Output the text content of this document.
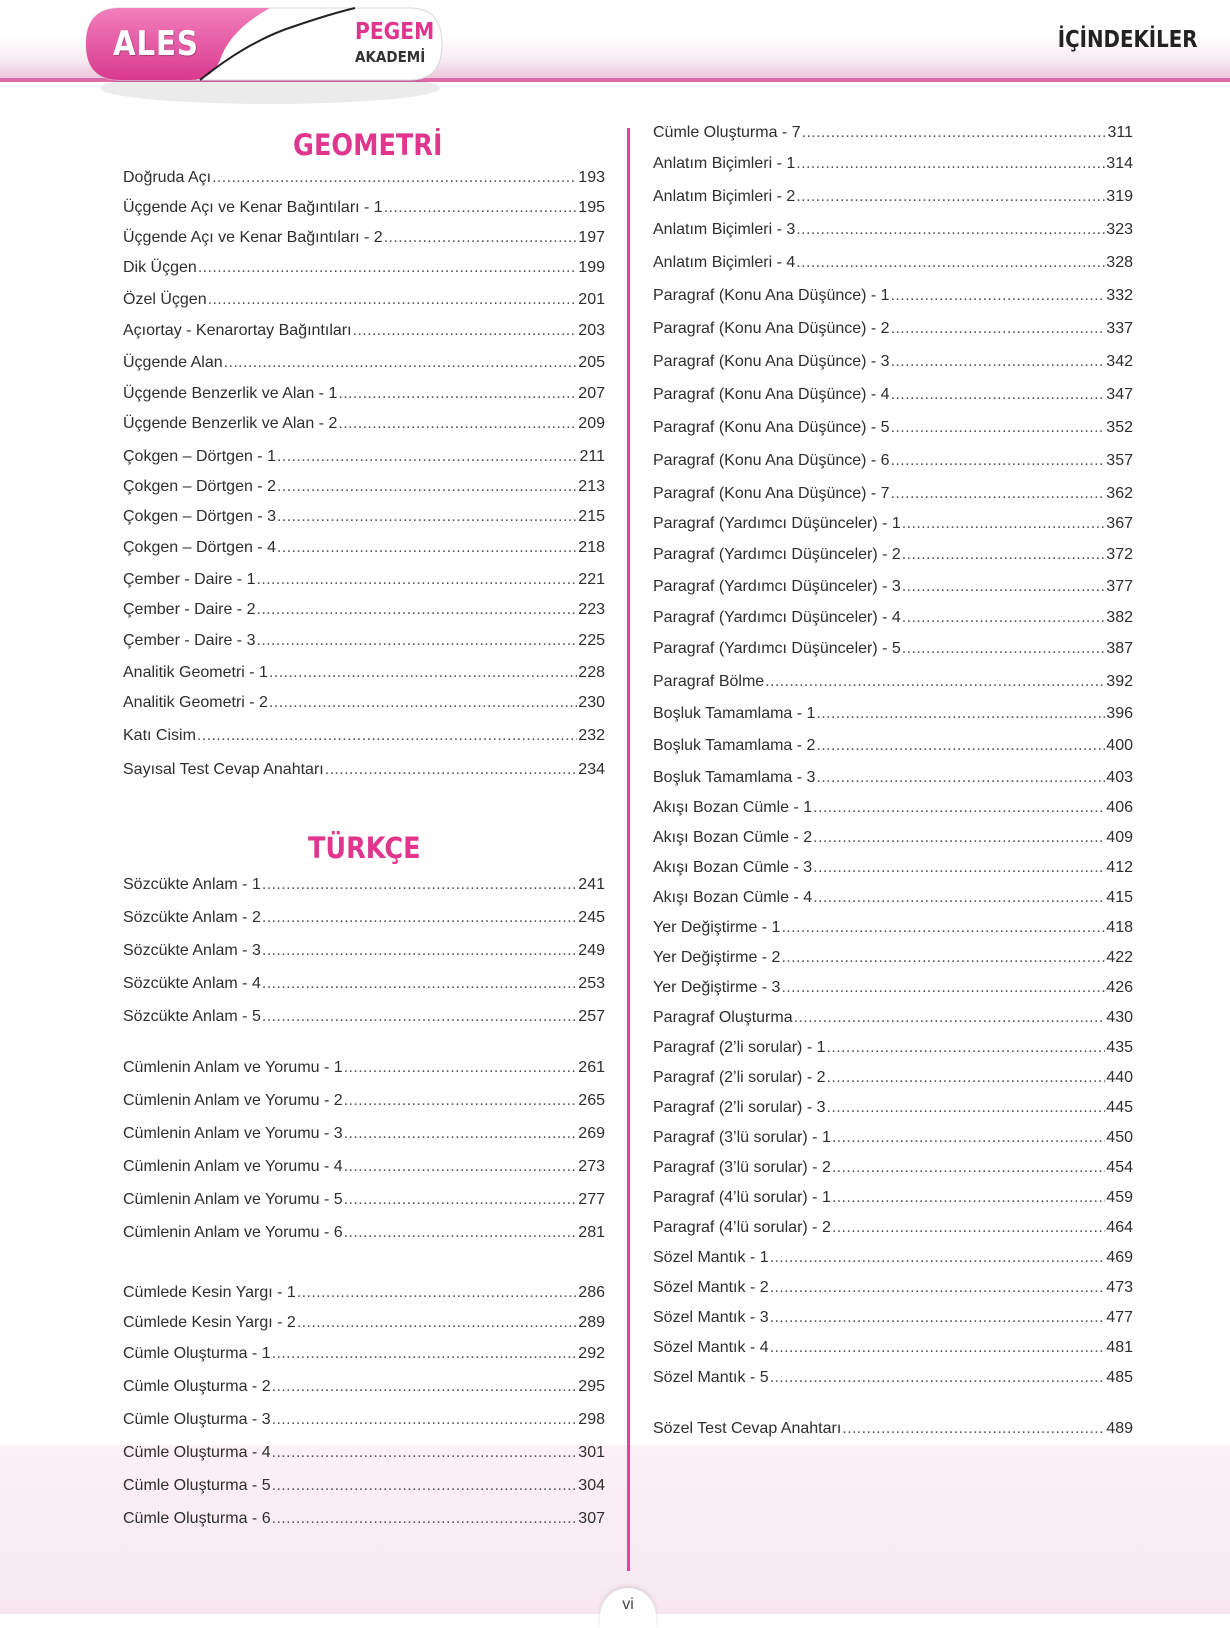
ALES	PEGEM
AKADEMİ
İÇİNDEKİLER
GEOMETRİ
TÜRKÇE
Doğruda Açı .....	193
Üçgende Açı ve Kenar Bağıntıları - 1 .....	195
Üçgende Açı ve Kenar Bağıntıları - 2 .....	197
Dik Üçgen .....	199
Özel Üçgen .....	201
Açıortay - Kenarortay Bağıntıları .....	203
Üçgende Alan .....	205
Üçgende Benzerlik ve Alan - 1 .....	207
Üçgende Benzerlik ve Alan - 2 .....	209
Çokgen – Dörtgen - 1 .....	211
Çokgen – Dörtgen - 2 .....	213
Çokgen – Dörtgen - 3 .....	215
Çokgen – Dörtgen - 4 .....	218
Çember - Daire - 1 .....	221
Çember - Daire - 2 .....	223
Çember - Daire - 3 .....	225
Analitik Geometri - 1 .....	228
Analitik Geometri - 2 .....	230
Katı Cisim .....	232
Sayısal Test Cevap Anahtarı .....	234
Sözcükte Anlam - 1 .....	241
Sözcükte Anlam - 2 .....	245
Sözcükte Anlam - 3 .....	249
Sözcükte Anlam - 4 .....	253
Sözcükte Anlam - 5 .....	257
Cümlenin Anlam ve Yorumu - 1 .....	261
Cümlenin Anlam ve Yorumu - 2 .....	265
Cümlenin Anlam ve Yorumu - 3 .....	269
Cümlenin Anlam ve Yorumu - 4 .....	273
Cümlenin Anlam ve Yorumu - 5 .....	277
Cümlenin Anlam ve Yorumu - 6 .....	281
Cümlede Kesin Yargı - 1 .....	286
Cümlede Kesin Yargı - 2 .....	289
Cümle Oluşturma - 1 .....	292
Cümle Oluşturma - 2 .....	295
Cümle Oluşturma - 3 .....	298
Cümle Oluşturma - 4 .....	301
Cümle Oluşturma - 5 .....	304
Cümle Oluşturma - 6 .....	307
Cümle Oluşturma - 7 .....	311
Anlatım Biçimleri - 1 .....	314
Anlatım Biçimleri - 2 .....	319
Anlatım Biçimleri - 3 .....	323
Anlatım Biçimleri - 4 .....	328
Paragraf (Konu Ana Düşünce) - 1 .....	332
Paragraf (Konu Ana Düşünce) - 2 .....	337
Paragraf (Konu Ana Düşünce) - 3 .....	342
Paragraf (Konu Ana Düşünce) - 4 .....	347
Paragraf (Konu Ana Düşünce) - 5 .....	352
Paragraf (Konu Ana Düşünce) - 6 .....	357
Paragraf (Konu Ana Düşünce) - 7 .....	362
Paragraf (Yardımcı Düşünceler) - 1 .....	367
Paragraf (Yardımcı Düşünceler) - 2 .....	372
Paragraf (Yardımcı Düşünceler) - 3 .....	377
Paragraf (Yardımcı Düşünceler) - 4 .....	382
Paragraf (Yardımcı Düşünceler) - 5 .....	387
Paragraf Bölme .....	392
Boşluk Tamamlama - 1 .....	396
Boşluk Tamamlama - 2 .....	400
Boşluk Tamamlama - 3 .....	403
Akışı Bozan Cümle - 1 .....	406
Akışı Bozan Cümle - 2 .....	409
Akışı Bozan Cümle - 3 .....	412
Akışı Bozan Cümle - 4 .....	415
Yer Değiştirme - 1 .....	418
Yer Değiştirme - 2 .....	422
Yer Değiştirme - 3 .....	426
Paragraf Oluşturma .....	430
Paragraf (2’li sorular) - 1 .....	435
Paragraf (2’li sorular) - 2 .....	440
Paragraf (2’li sorular) - 3 .....	445
Paragraf (3’lü sorular) - 1 .....	450
Paragraf (3’lü sorular) - 2 .....	454
Paragraf (4’lü sorular) - 1 .....	459
Paragraf (4’lü sorular) - 2 .....	464
Sözel Mantık - 1 .....	469
Sözel Mantık - 2 .....	473
Sözel Mantık - 3 .....	477
Sözel Mantık - 4 .....	481
Sözel Mantık - 5 .....	485
Sözel Test Cevap Anahtarı .....	489
vi
